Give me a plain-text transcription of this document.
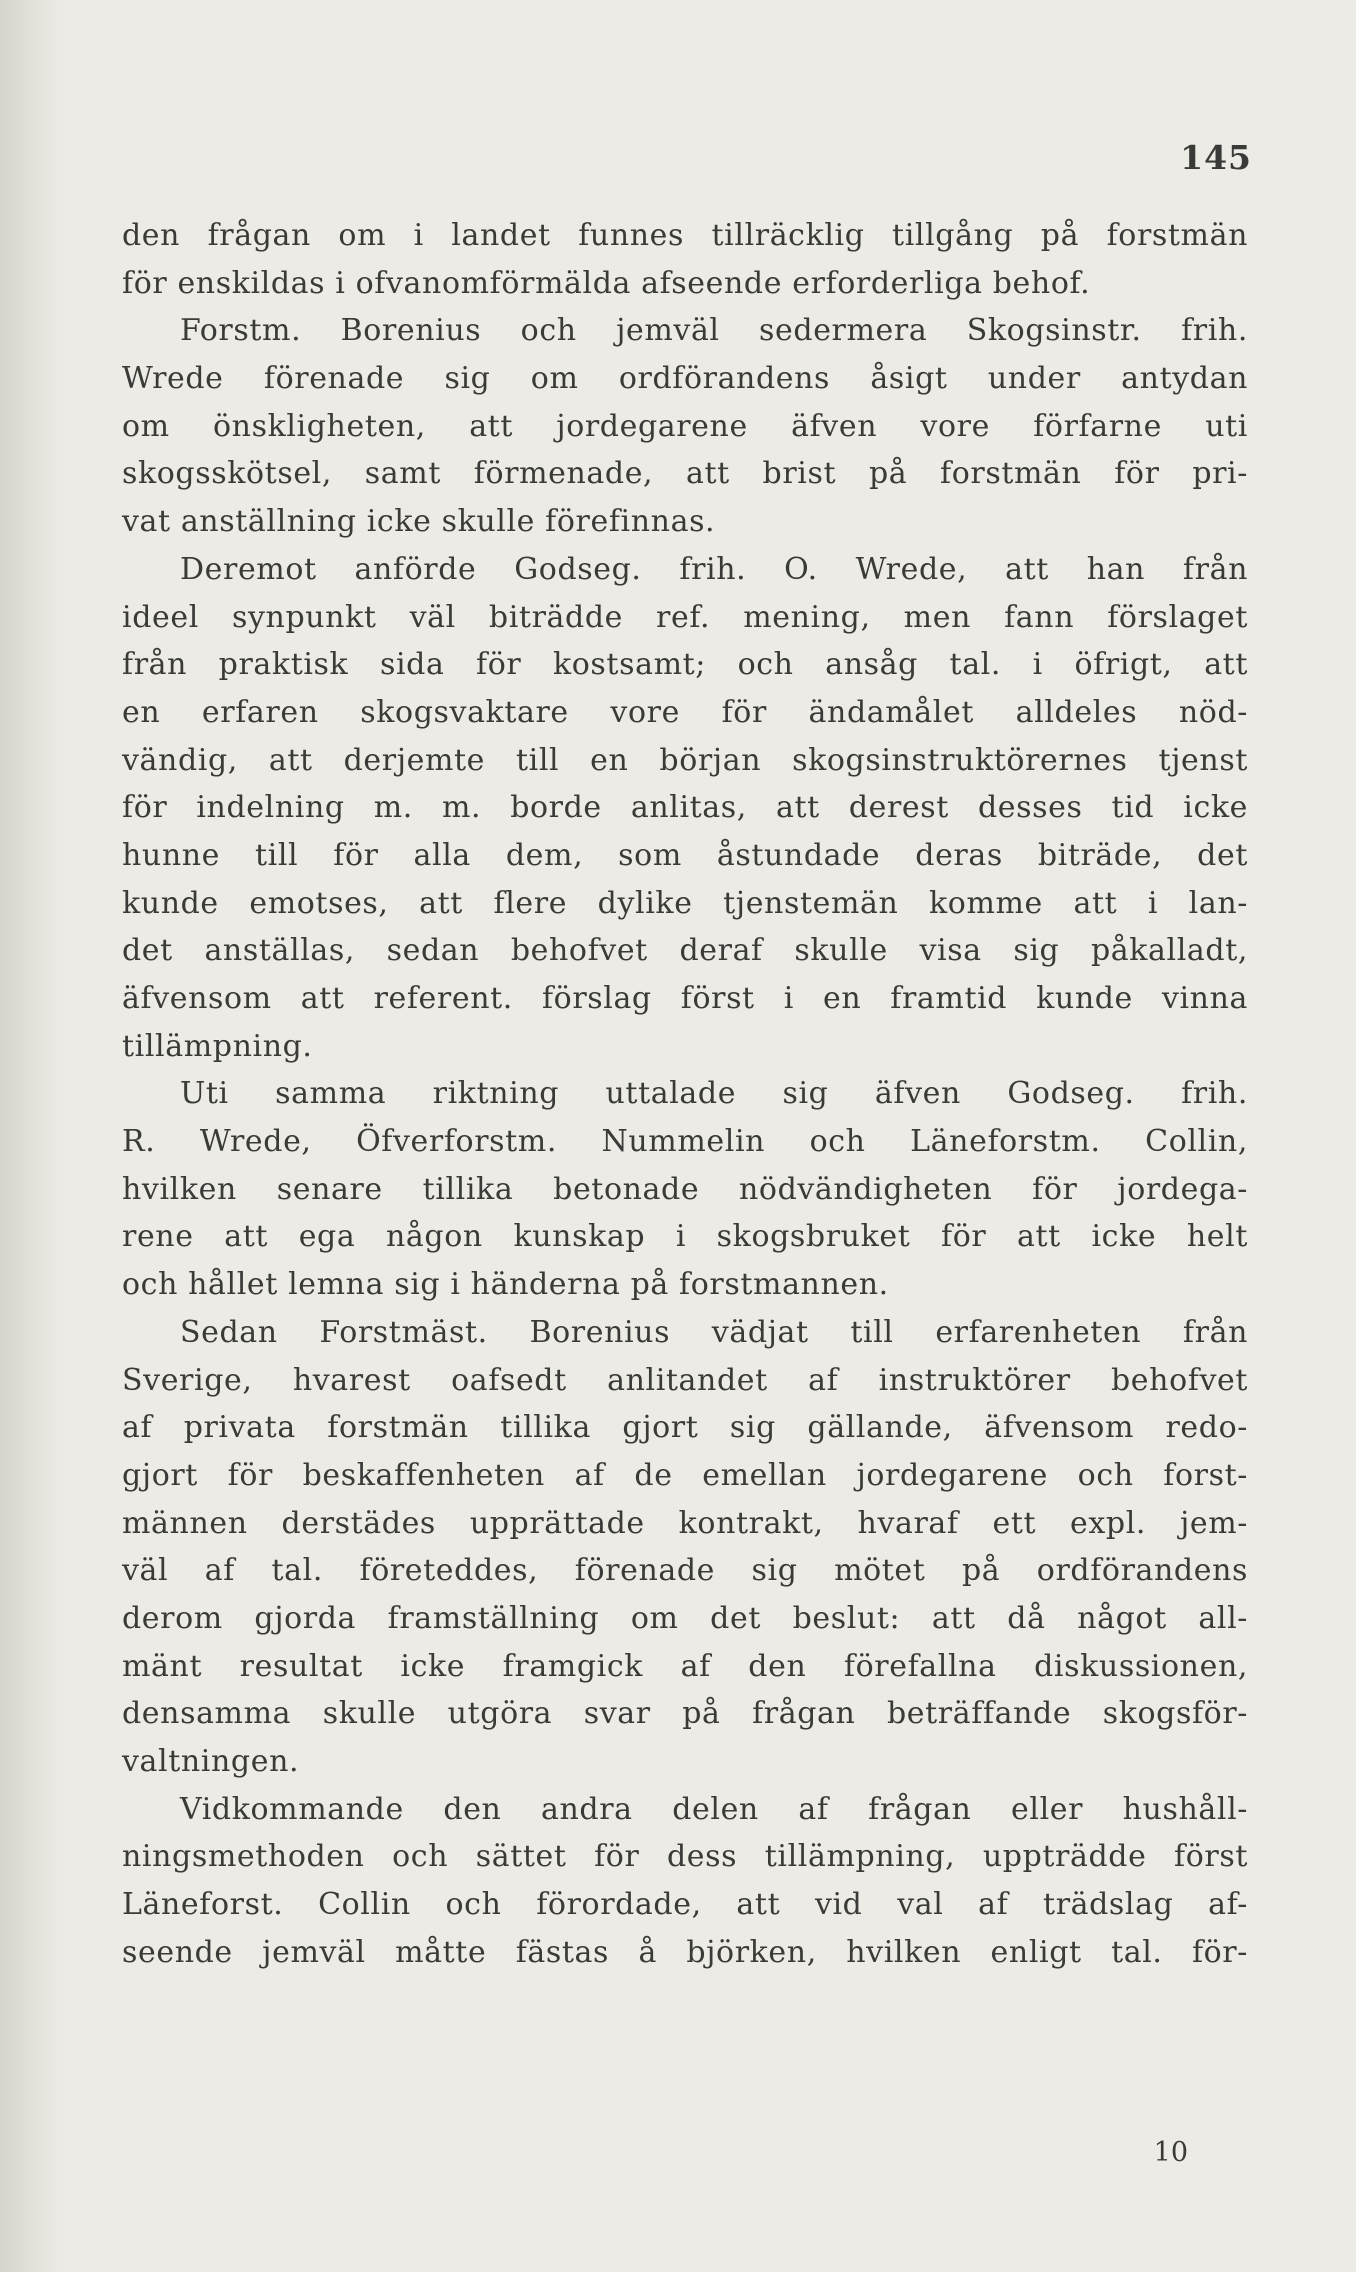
145
den frågan om i landet funnes tillräcklig tillgång på forstmän
för enskildas i ofvanomförmälda afseende erforderliga behof.
Forstm. Borenius och jemväl sedermera Skogsinstr. frih.
Wrede förenade sig om ordförandens åsigt under antydan
om önskligheten, att jordegarene äfven vore förfarne uti
skogsskötsel, samt förmenade, att brist på forstmän för pri-
vat anställning icke skulle förefinnas.
Deremot anförde Godseg. frih. O. Wrede, att han från
ideel synpunkt väl biträdde ref. mening, men fann förslaget
från praktisk sida för kostsamt; och ansåg tal. i öfrigt, att
en erfaren skogsvaktare vore för ändamålet alldeles nöd-
vändig, att derjemte till en början skogsinstruktörernes tjenst
för indelning m. m. borde anlitas, att derest desses tid icke
hunne till för alla dem, som åstundade deras biträde, det
kunde emotses, att flere dylike tjenstemän komme att i lan-
det anställas, sedan behofvet deraf skulle visa sig påkalladt,
äfvensom att referent. förslag först i en framtid kunde vinna
tillämpning.
Uti samma riktning uttalade sig äfven Godseg. frih.
R. Wrede, Öfverforstm. Nummelin och Läneforstm. Collin,
hvilken senare tillika betonade nödvändigheten för jordega-
rene att ega någon kunskap i skogsbruket för att icke helt
och hållet lemna sig i händerna på forstmannen.
Sedan Forstmäst. Borenius vädjat till erfarenheten från
Sverige, hvarest oafsedt anlitandet af instruktörer behofvet
af privata forstmän tillika gjort sig gällande, äfvensom redo-
gjort för beskaffenheten af de emellan jordegarene och forst-
männen derstädes upprättade kontrakt, hvaraf ett expl. jem-
väl af tal. företeddes, förenade sig mötet på ordförandens
derom gjorda framställning om det beslut: att då något all-
mänt resultat icke framgick af den förefallna diskussionen,
densamma skulle utgöra svar på frågan beträffande skogsför-
valtningen.
Vidkommande den andra delen af frågan eller hushåll-
ningsmethoden och sättet för dess tillämpning, uppträdde först
Läneforst. Collin och förordade, att vid val af trädslag af-
seende jemväl måtte fästas å björken, hvilken enligt tal. för-
10
